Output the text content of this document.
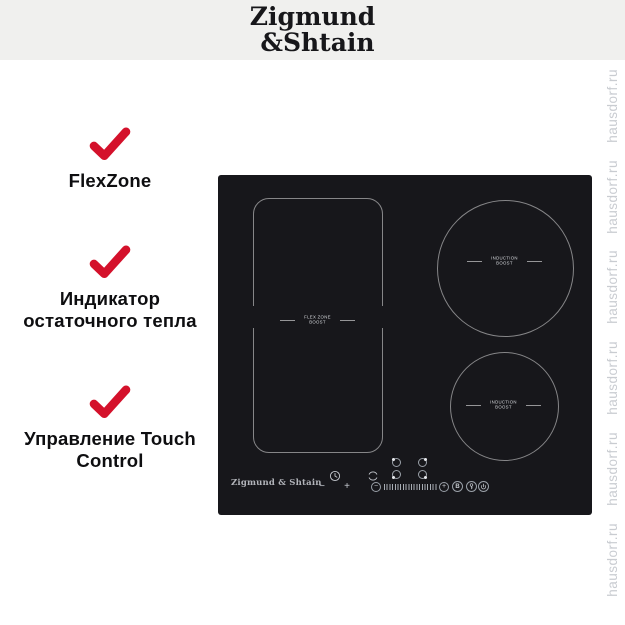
Zigmund
&Shtain
hausdorf.ru
hausdorf.ru
hausdorf.ru
hausdorf.ru
hausdorf.ru
hausdorf.ru
FlexZone
Индикатор
остаточного тепла
Управление Touch
Control
FLEX ZONE
BOOST
INDUCTION
BOOST
INDUCTION
BOOST
Zigmund & Shtain
−	+	−	+	B
